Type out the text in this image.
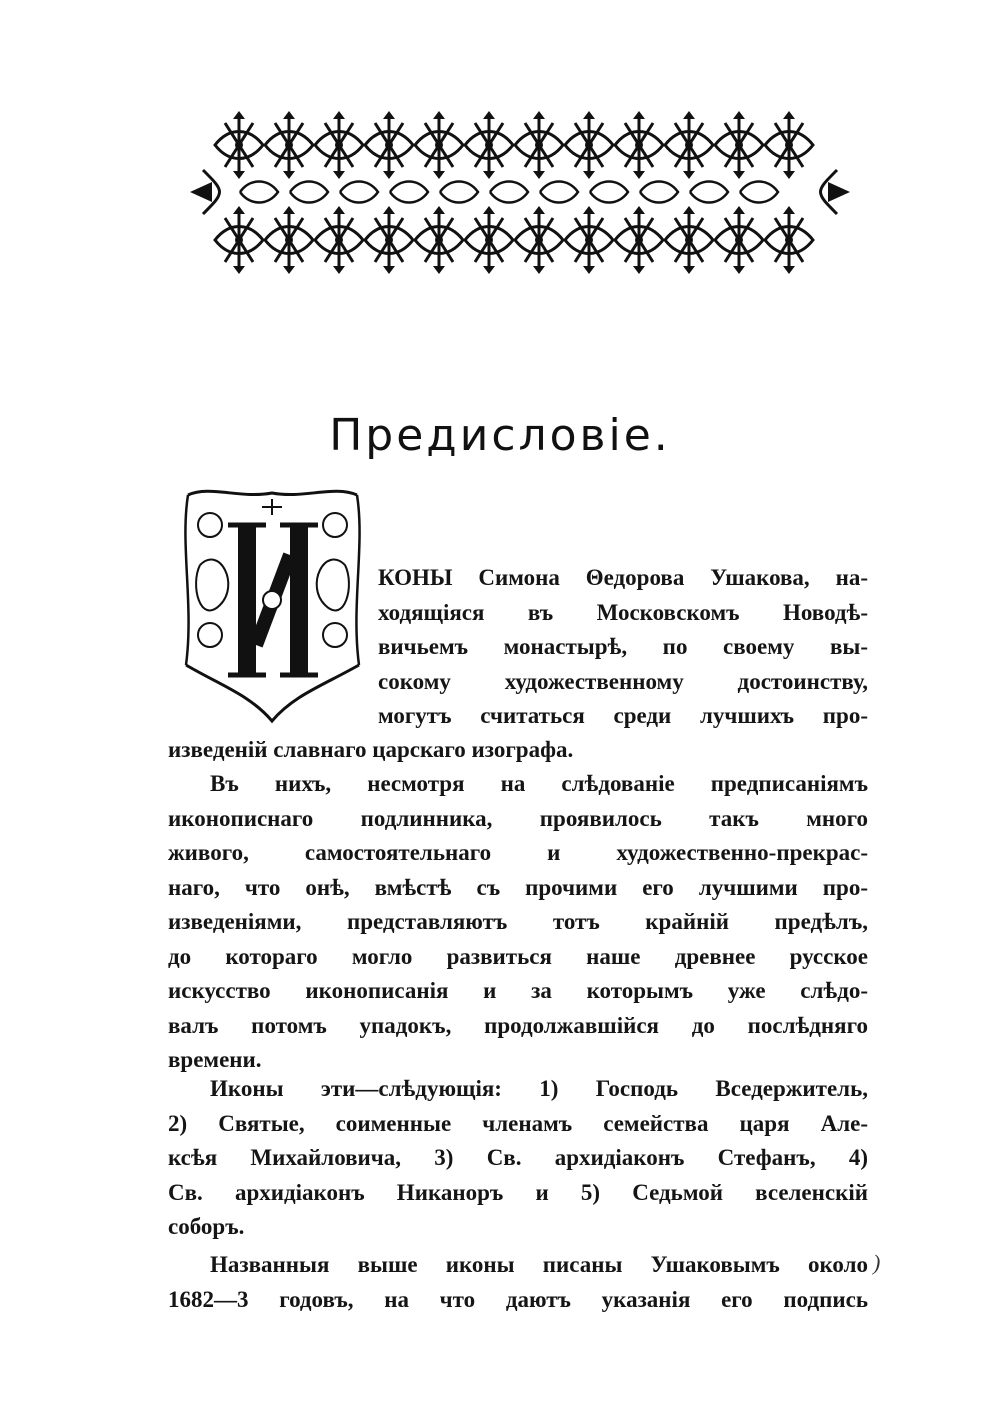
Предисловіе.
КОНЫ Симона Θедорова Ушакова, на-
ходящіяся въ Московскомъ Новодѣ-
вичьемъ монастырѣ, по своему вы-
сокому художественному достоинству,
могутъ считаться среди лучшихъ про-
изведеній славнаго царскаго изографа.
Въ нихъ, несмотря на слѣдованіе предписаніямъ
иконописнаго подлинника, проявилось такъ много
живого, самостоятельнаго и художественно-прекрас-
наго, что онѣ, вмѣстѣ съ прочими его лучшими про-
изведеніями, представляютъ тотъ крайній предѣлъ,
до котораго могло развиться наше древнее русское
искусство иконописанія и за которымъ уже слѣдо-
валъ потомъ упадокъ, продолжавшійся до послѣдняго
времени.
Иконы эти—слѣдующія: 1) Господь Вседержитель,
2) Святые, соименные членамъ семейства царя Але-
ксѣя Михайловича, 3) Св. архидіаконъ Стефанъ, 4)
Св. архидіаконъ Никаноръ и 5) Седьмой вселенскій
соборъ.
Названныя выше иконы писаны Ушаковымъ около
1682—3 годовъ, на что даютъ указанія его подпись
)
